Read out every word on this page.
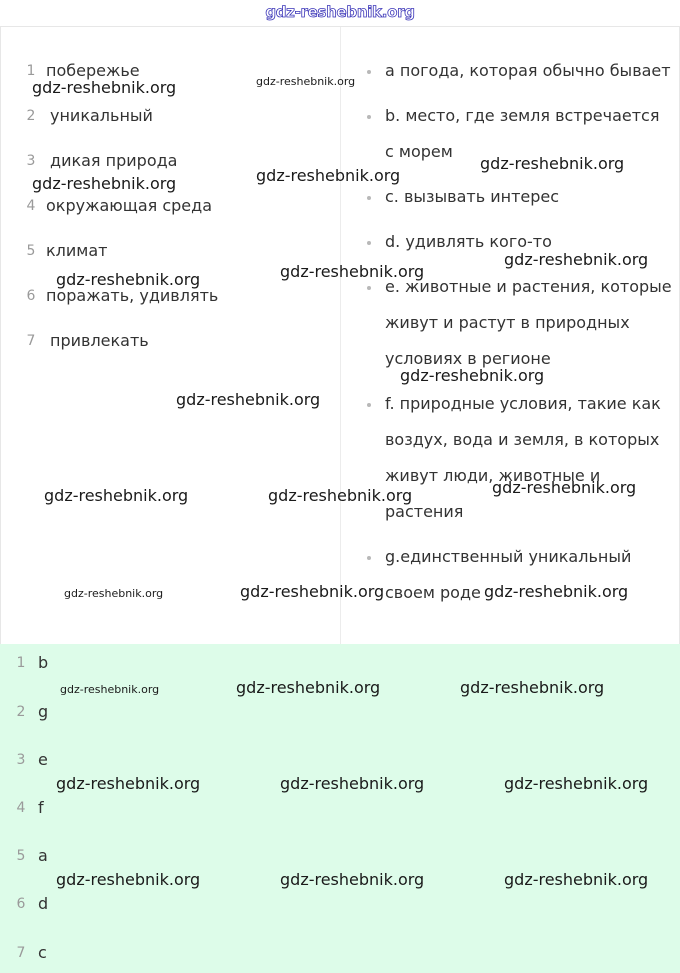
gdz-reshebnik.org
1 побережье
2 уникальный
3 дикая природа
4 окружающая среда
5 климат
6 поражать, удивлять
7 привлекать
a погода, которая обычно бывает
b. место, где земля встречается
с морем
c. вызывать интерес
d. удивлять кого-то
e. животные и растения, которые
живут и растут в природных
условиях в регионе
f. природные условия, такие как
воздух, вода и земля, в которых
живут люди, животные и
растения
g.единственный уникальный
своем роде
1 b
2 g
3 e
4 f
5 a
6 d
7 c
gdz-reshebnik.org	gdz-reshebnik.org
gdz-reshebnik.org	gdz-reshebnik.org
gdz-reshebnik.org
gdz-reshebnik.org	gdz-reshebnik.org
gdz-reshebnik.org
gdz-reshebnik.org
gdz-reshebnik.org
gdz-reshebnik.org	gdz-reshebnik.org	gdz-reshebnik.org
gdz-reshebnik.org	gdz-reshebnik.org	gdz-reshebnik.org
gdz-reshebnik.org	gdz-reshebnik.org	gdz-reshebnik.org
gdz-reshebnik.org	gdz-reshebnik.org	gdz-reshebnik.org
gdz-reshebnik.org	gdz-reshebnik.org	gdz-reshebnik.org
